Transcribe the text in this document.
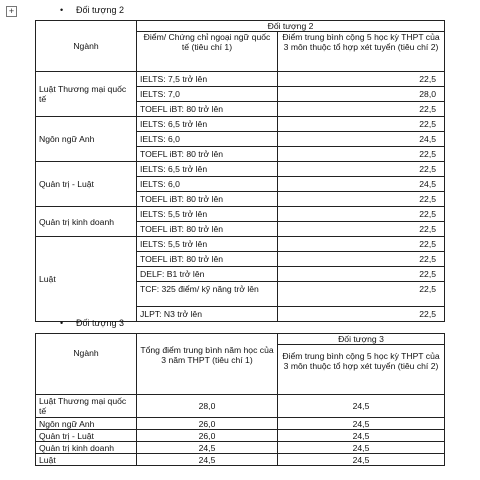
+	• Đối tượng 2
Ngành	Đối tượng 2	
	Điểm/ Chứng chỉ ngoại ngữ quốc tế (tiêu chí 1)	Điểm trung bình cộng 5 học kỳ THPT của 3 môn thuộc tổ hợp xét tuyển (tiêu chí 2)
Luật Thương mại quốc tế	IELTS: 7,5 trở lên	22,5
	IELTS: 7,0	28,0
	TOEFL iBT: 80 trở lên	22,5
Ngôn ngữ Anh	IELTS: 6,5 trở lên	22,5
	IELTS: 6,0	24,5
	TOEFL iBT: 80 trở lên	22,5
Quản trị - Luật	IELTS: 6,5 trở lên	22,5
	IELTS: 6,0	24,5
	TOEFL iBT: 80 trở lên	22,5
Quản trị kinh doanh	IELTS: 5,5 trở lên	22,5
	TOEFL iBT: 80 trở lên	22,5
Luật	IELTS: 5,5 trở lên	22,5
	TOEFL iBT: 80 trở lên	22,5
	DELF: B1 trở lên	22,5
	TCF: 325 điểm/ kỹ năng trở lên	22,5
	JLPT: N3 trở lên	22,5
• Đối tượng 3
Ngành	Tổng điểm trung bình năm học của 3 năm THPT (tiêu chí 1)	Đối tượng 3
		Điểm trung bình cộng 5 học kỳ THPT của 3 môn thuộc tổ hợp xét tuyển (tiêu chí 2)
Luật Thương mại quốc tế	28,0	24,5
Ngôn ngữ Anh	26,0	24,5
Quản trị - Luật	26,0	24,5
Quản trị kinh doanh	24,5	24,5
Luật	24,5	24,5
